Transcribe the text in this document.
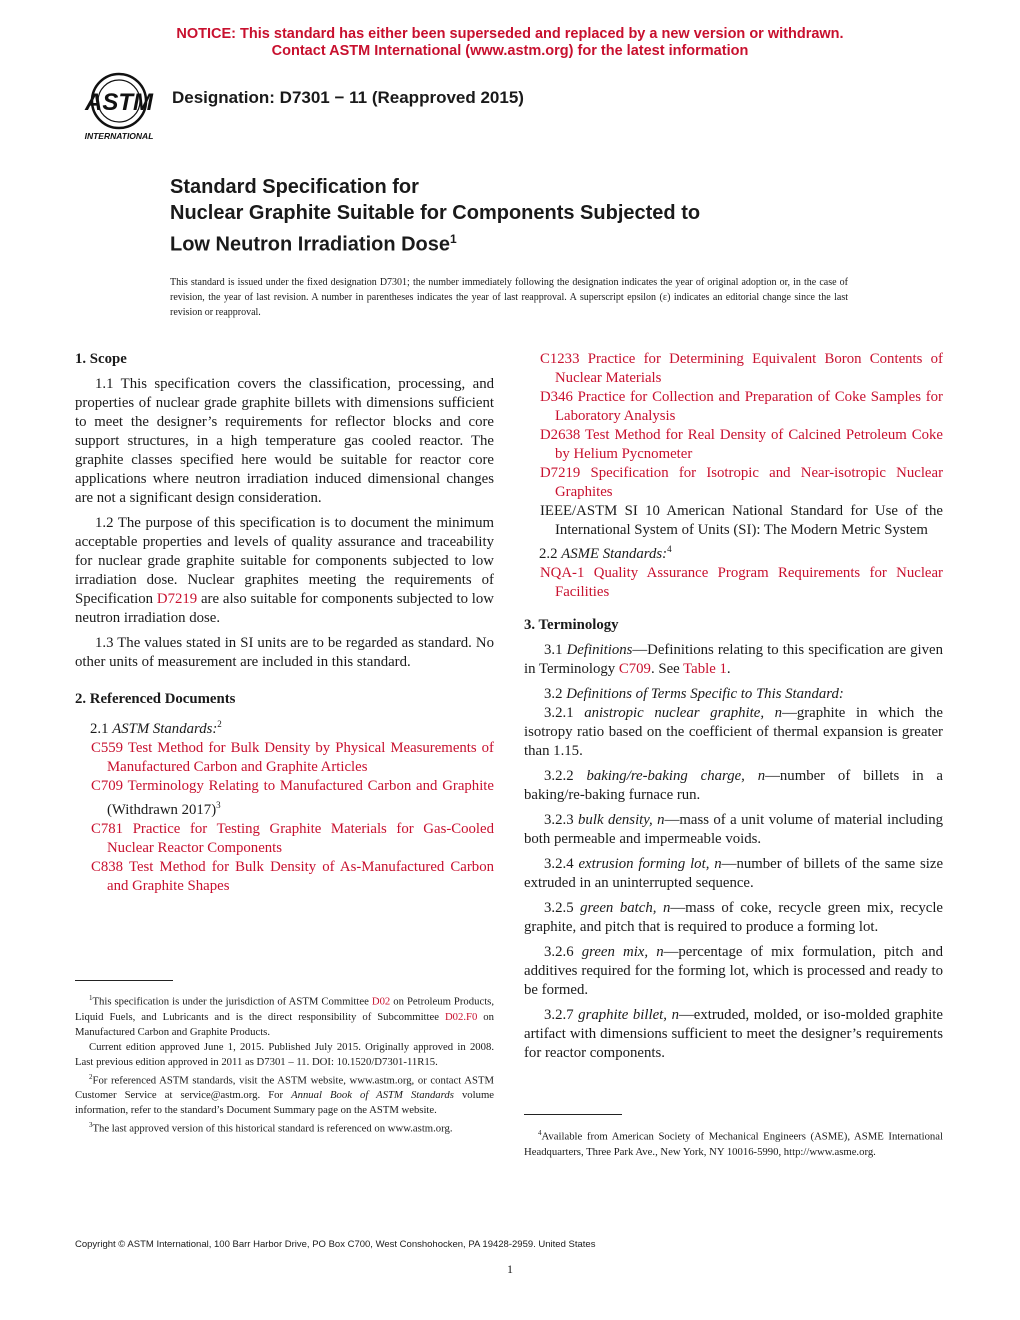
NOTICE: This standard has either been superseded and replaced by a new version or withdrawn.
Contact ASTM International (www.astm.org) for the latest information
ASTM
INTERNATIONAL
Designation: D7301 − 11 (Reapproved 2015)
Standard Specification for
Nuclear Graphite Suitable for Components Subjected to
Low Neutron Irradiation Dose$^1$
This standard is issued under the fixed designation D7301; the number immediately following the designation indicates the year of original adoption or, in the case of revision, the year of last revision. A number in parentheses indicates the year of last reapproval. A superscript epsilon (ε) indicates an editorial change since the last revision or reapproval.
1. Scope

1.1 This specification covers the classification, processing, and properties of nuclear grade graphite billets with dimensions sufficient to meet the designer’s requirements for reflector blocks and core support structures, in a high temperature gas cooled reactor. The graphite classes specified here would be suitable for reactor core applications where neutron irradiation induced dimensional changes are not a significant design consideration.

1.2 The purpose of this specification is to document the minimum acceptable properties and levels of quality assurance and traceability for nuclear grade graphite suitable for components subjected to low irradiation dose. Nuclear graphites meeting the requirements of Specification D7219 are also suitable for components subjected to low neutron irradiation dose.

1.3 The values stated in SI units are to be regarded as standard. No other units of measurement are included in this standard.

2. Referenced Documents
2.1 ASTM Standards:$^2$
C559 Test Method for Bulk Density by Physical Measurements of Manufactured Carbon and Graphite Articles
C709 Terminology Relating to Manufactured Carbon and Graphite (Withdrawn 2017)$^3$
C781 Practice for Testing Graphite Materials for Gas-Cooled Nuclear Reactor Components
C838 Test Method for Bulk Density of As-Manufactured Carbon and Graphite Shapes

$^1$This specification is under the jurisdiction of ASTM Committee D02 on Petroleum Products, Liquid Fuels, and Lubricants and is the direct responsibility of Subcommittee D02.F0 on Manufactured Carbon and Graphite Products.

Current edition approved June 1, 2015. Published July 2015. Originally approved in 2008. Last previous edition approved in 2011 as D7301 – 11. DOI: 10.1520/D7301-11R15.

$^2$For referenced ASTM standards, visit the ASTM website, www.astm.org, or contact ASTM Customer Service at service@astm.org. For Annual Book of ASTM Standards volume information, refer to the standard’s Document Summary page on the ASTM website.

$^3$The last approved version of this historical standard is referenced on www.astm.org.

C1233 Practice for Determining Equivalent Boron Contents of Nuclear Materials
D346 Practice for Collection and Preparation of Coke Samples for Laboratory Analysis
D2638 Test Method for Real Density of Calcined Petroleum Coke by Helium Pycnometer
D7219 Specification for Isotropic and Near-isotropic Nuclear Graphites
IEEE/ASTM SI 10 American National Standard for Use of the International System of Units (SI): The Modern Metric System
2.2 ASME Standards:$^4$
NQA-1 Quality Assurance Program Requirements for Nuclear Facilities
3. Terminology

3.1 Definitions—Definitions relating to this specification are given in Terminology C709. See Table 1.

3.2 Definitions of Terms Specific to This Standard:

3.2.1 anistropic nuclear graphite, n—graphite in which the isotropy ratio based on the coefficient of thermal expansion is greater than 1.15.

3.2.2 baking/re-baking charge, n—number of billets in a baking/re-baking furnace run.

3.2.3 bulk density, n—mass of a unit volume of material including both permeable and impermeable voids.

3.2.4 extrusion forming lot, n—number of billets of the same size extruded in an uninterrupted sequence.

3.2.5 green batch, n—mass of coke, recycle green mix, recycle graphite, and pitch that is required to produce a forming lot.

3.2.6 green mix, n—percentage of mix formulation, pitch and additives required for the forming lot, which is processed and ready to be formed.

3.2.7 graphite billet, n—extruded, molded, or iso-molded graphite artifact with dimensions sufficient to meet the designer’s requirements for reactor components.

$^4$Available from American Society of Mechanical Engineers (ASME), ASME International Headquarters, Three Park Ave., New York, NY 10016-5990, http://www.asme.org.

Copyright © ASTM International, 100 Barr Harbor Drive, PO Box C700, West Conshohocken, PA 19428-2959. United States
1
